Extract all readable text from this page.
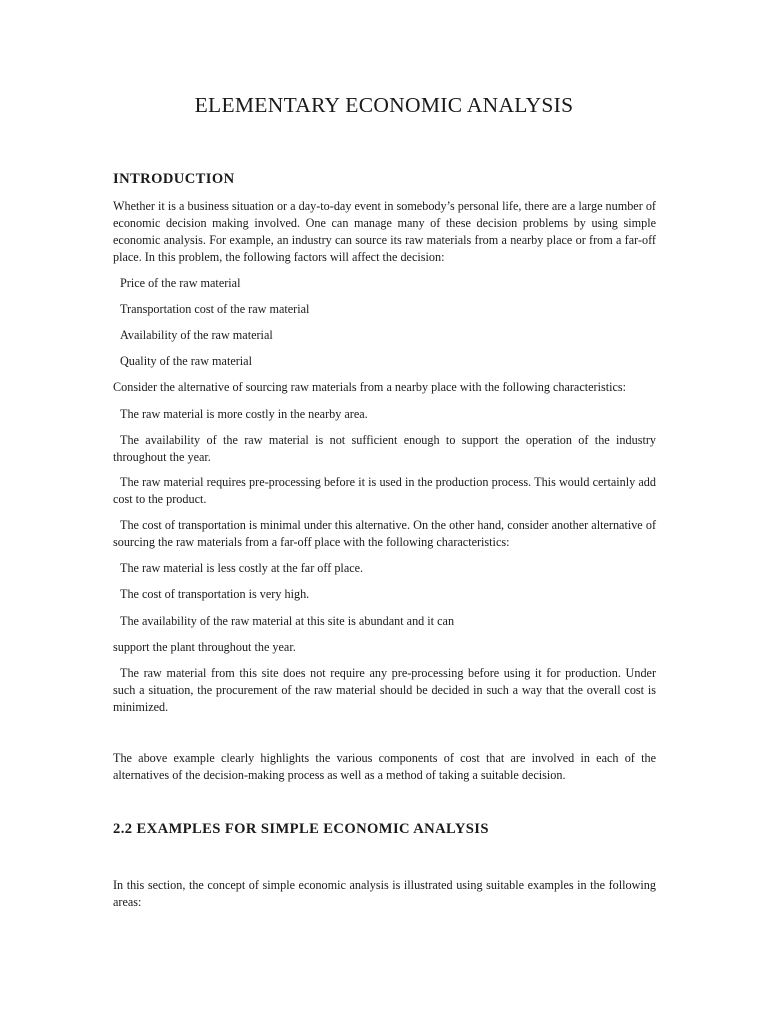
ELEMENTARY ECONOMIC ANALYSIS
INTRODUCTION

Whether it is a business situation or a day-to-day event in somebody’s personal life, there are a large number of economic decision making involved. One can manage many of these decision problems by using simple economic analysis. For example, an industry can source its raw materials from a nearby place or from a far-off place. In this problem, the following factors will affect the decision:

Price of the raw material

Transportation cost of the raw material

Availability of the raw material

Quality of the raw material

Consider the alternative of sourcing raw materials from a nearby place with the following characteristics:

The raw material is more costly in the nearby area.

The availability of the raw material is not sufficient enough to support the operation of the industry throughout the year.

The raw material requires pre-processing before it is used in the production process. This would certainly add cost to the product.

The cost of transportation is minimal under this alternative. On the other hand, consider another alternative of sourcing the raw materials from a far-off place with the following characteristics:

The raw material is less costly at the far off place.

The cost of transportation is very high.

The availability of the raw material at this site is abundant and it can

support the plant throughout the year.

The raw material from this site does not require any pre-processing before using it for production. Under such a situation, the procurement of the raw material should be decided in such a way that the overall cost is minimized.

The above example clearly highlights the various components of cost that are involved in each of the alternatives of the decision-making process as well as a method of taking a suitable decision.

2.2 EXAMPLES FOR SIMPLE ECONOMIC ANALYSIS

In this section, the concept of simple economic analysis is illustrated using suitable examples in the following areas:
